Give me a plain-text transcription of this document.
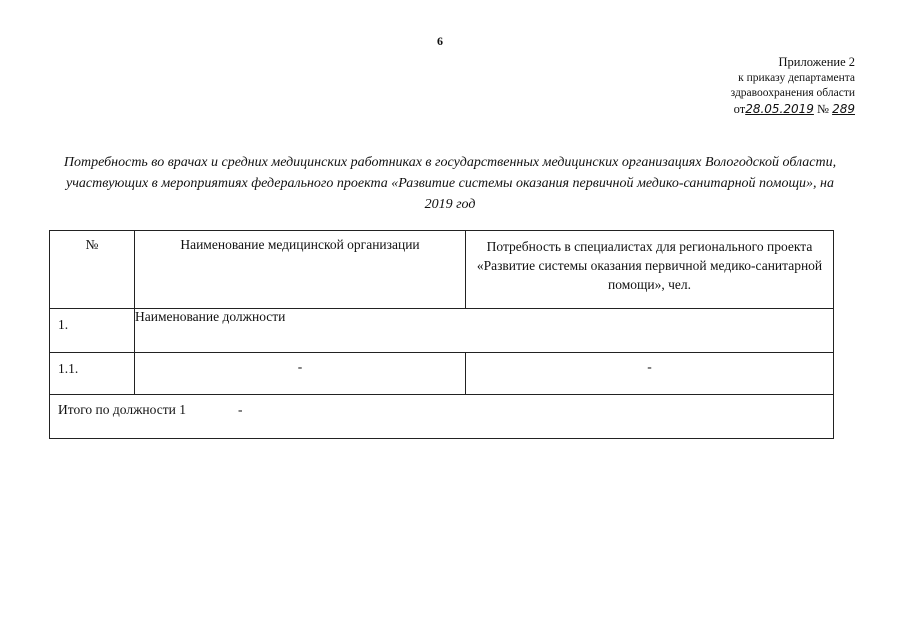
6
Приложение 2
к приказу департамента
здравоохранения области
от28.05.2019 № 289
Потребность во врачах и средних медицинских работниках в государственных медицинских организациях Вологодской области, участвующих в мероприятиях федерального проекта «Развитие системы оказания первичной медико-санитарной помощи», на 2019 год
№	Наименование медицинской организации	Потребность в специалистах для регионального проекта «Развитие системы оказания первичной медико-санитарной помощи», чел.
1.	Наименование должности	
1.1.	-	-
Итого по должности 1 -		
